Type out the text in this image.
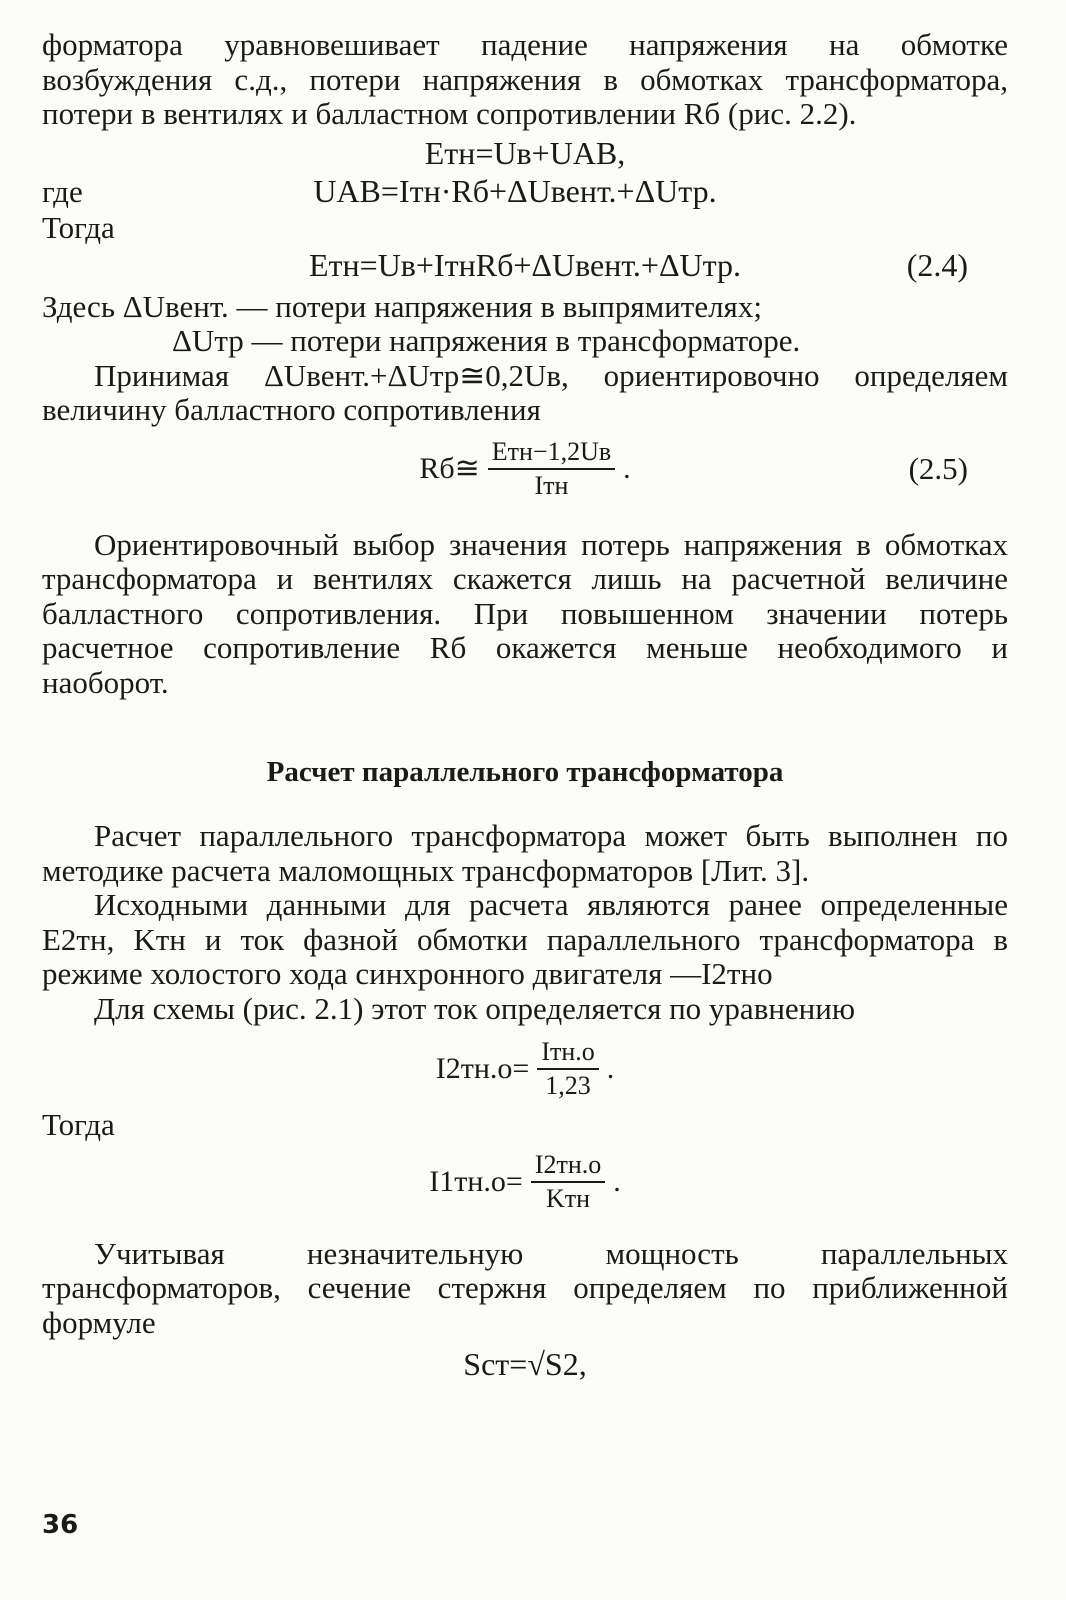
форматора уравновешивает падение напряжения на обмотке возбуждения с.д., потери напряжения в обмотках трансформатора, потери в вентилях и балластном сопротивлении Rб (рис. 2.2).

Eтн=Uв+UАВ,
где	UАВ=Iтн·Rб+ΔUвент.+ΔUтр.
Тогда
Eтн=Uв+IтнRб+ΔUвент.+ΔUтр.	(2.4)
Здесь ΔUвент. — потери напряжения в выпрямителях;
ΔUтр — потери напряжения в трансформаторе.

Принимая ΔUвент.+ΔUтр≅0,2Uв, ориентировочно определяем величину балластного сопротивления

Rб≅ $\frac{\text{Eтн−1,2Uв}}{\text{Iтн}}$ .	(2.5)

Ориентировочный выбор значения потерь напряжения в обмотках трансформатора и вентилях скажется лишь на расчетной величине балластного сопротивления. При повышенном значении потерь расчетное сопротивление Rб окажется меньше необходимого и наоборот.

Расчет параллельного трансформатора

Расчет параллельного трансформатора может быть выполнен по методике расчета маломощных трансформаторов [Лит. 3].

Исходными данными для расчета являются ранее определенные E2тн, Kтн и ток фазной обмотки параллельного трансформатора в режиме холостого хода синхронного двигателя —I2тно

Для схемы (рис. 2.1) этот ток определяется по уравнению

$I2тн.о= \frac{\text{Iтн.о}}{1,23}$ .

Тогда

$I1тн.о= \frac{I2тн.о}{\text{Kтн}}$ .

Учитывая незначительную мощность параллельных трансформаторов, сечение стержня определяем по приближенной формуле

Sст=√S2,
36
